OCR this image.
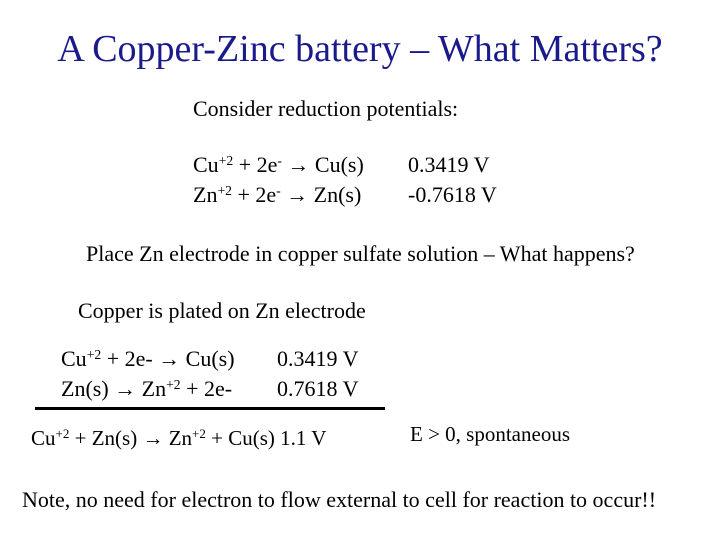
A Copper-Zinc battery – What Matters?
Consider reduction potentials:
$Cu^{+2} + 2e^- \to Cu(s)$ 0.3419 V
$Zn^{+2} + 2e^- \to Zn(s)$ -0.7618 V
Place Zn electrode in copper sulfate solution – What happens?
Copper is plated on Zn electrode
$Cu^{+2} + 2e- \to Cu(s)$ 0.3419 V
$Zn(s) \to Zn^{+2} + 2e-$ 0.7618 V
$Cu^{+2} + Zn(s) \to Zn^{+2} + Cu(s)$ 1.1 V	E > 0, spontaneous
Note, no need for electron to flow external to cell for reaction to occur!!
